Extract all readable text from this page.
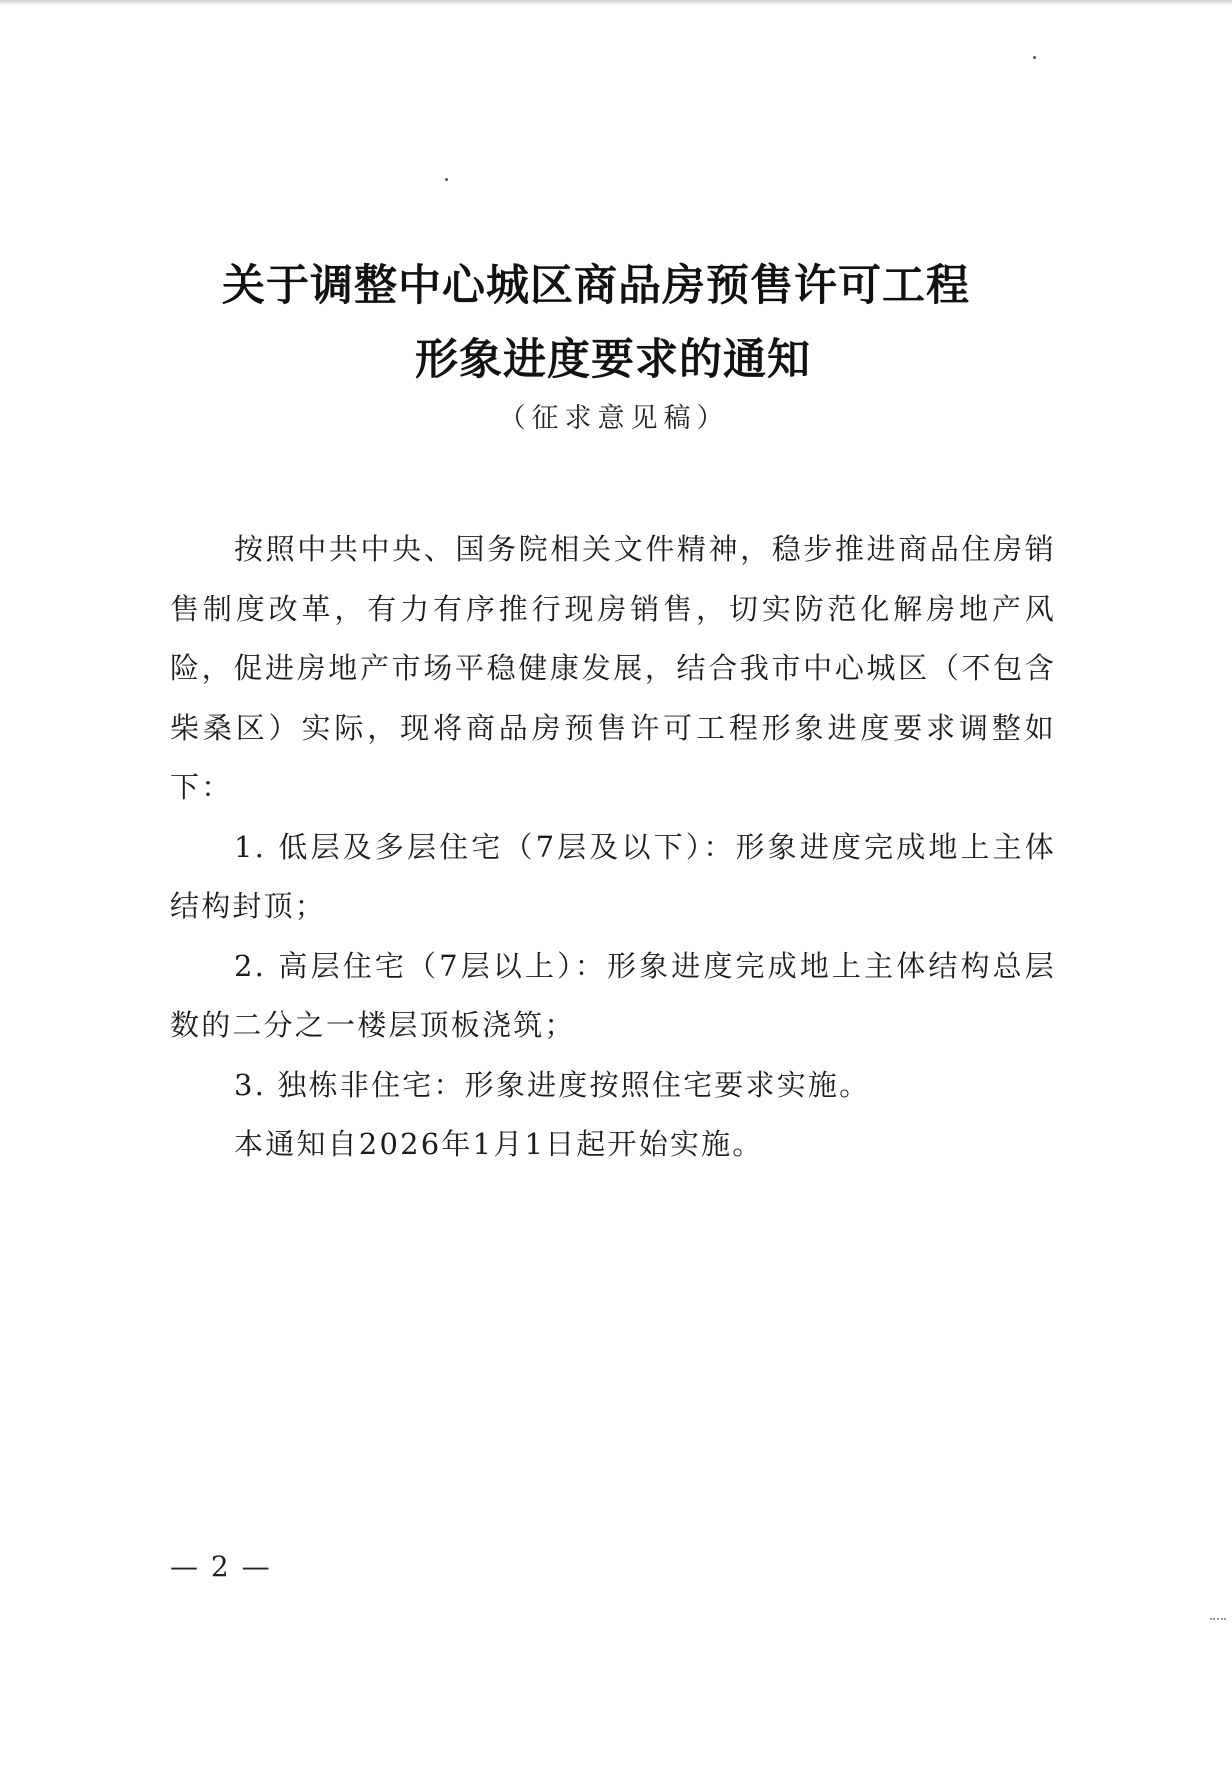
关于调整中心城区商品房预售许可工程
形象进度要求的通知
（征求意见稿）

按照中共中央、国务院相关文件精神，稳步推进商品住房销售制度改革，有力有序推行现房销售，切实防范化解房地产风险，促进房地产市场平稳健康发展，结合我市中心城区（不包含柴桑区）实际，现将商品房预售许可工程形象进度要求调整如下：

1. 低层及多层住宅（7层及以下）：形象进度完成地上主体结构封顶；

2. 高层住宅（7层以上）：形象进度完成地上主体结构总层数的二分之一楼层顶板浇筑；

3. 独栋非住宅：形象进度按照住宅要求实施。

本通知自2026年1月1日起开始实施。

— 2 —
